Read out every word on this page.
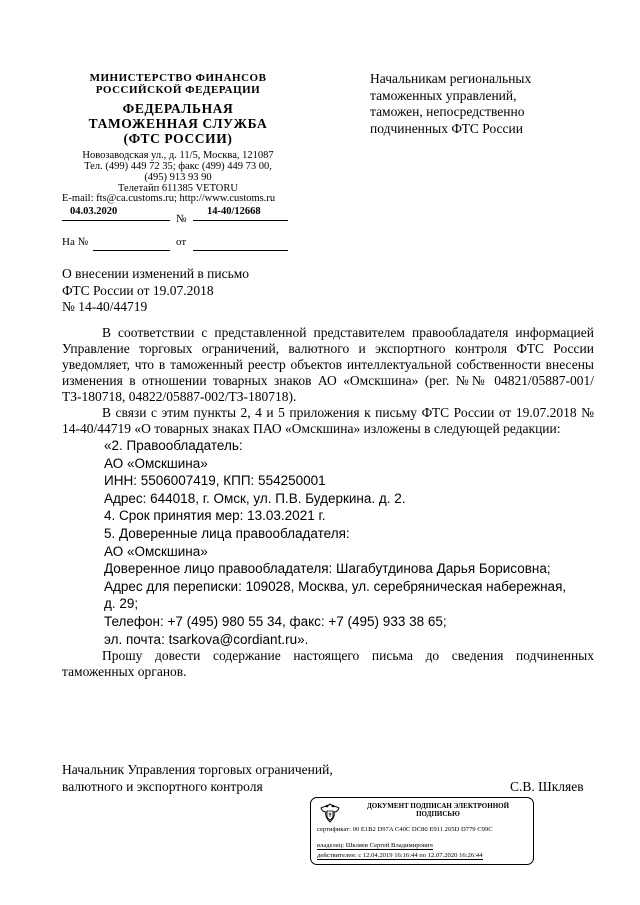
МИНИСТЕРСТВО ФИНАНСОВ
РОССИЙСКОЙ ФЕДЕРАЦИИ
ФЕДЕРАЛЬНАЯ
ТАМОЖЕННАЯ СЛУЖБА
(ФТС РОССИИ)
Новозаводская ул., д. 11/5, Москва, 121087
Тел. (499) 449 72 35; факс (499) 449 73 00,
(495) 913 93 90
Телетайп 611385 VETORU
E-mail: fts@ca.customs.ru; http://www.customs.ru
04.03.2020
№
14-40/12668
На №	от
Начальникам региональных
таможенных управлений,
таможен, непосредственно
подчиненных ФТС России
О внесении изменений в письмо
ФТС России от 19.07.2018
№ 14-40/44719

В соответствии с представленной представителем правообладателя информацией Управление торговых ограничений, валютного и экспортного контроля ФТС России уведомляет, что в таможенный реестр объектов интеллектуальной собственности внесены изменения в отношении товарных знаков АО «Омскшина» (рег. №№ 04821/05887-001/ТЗ-180718, 04822/05887-002/ТЗ-180718).

В связи с этим пункты 2, 4 и 5 приложения к письму ФТС России от 19.07.2018 № 14-40/44719 «О товарных знаках ПАО «Омскшина» изложены в следующей редакции:

«2. Правообладатель:
АО «Омскшина»
ИНН: 5506007419, КПП: 554250001
Адрес: 644018, г. Омск, ул. П.В. Будеркина. д. 2.
4. Срок принятия мер: 13.03.2021 г.
5. Доверенные лица правообладателя:
АО «Омскшина»
Доверенное лицо правообладателя: Шагабутдинова Дарья Борисовна;
Адрес для переписки: 109028, Москва, ул. серебряническая набережная,
д. 29;
Телефон: +7 (495) 980 55 34, факс: +7 (495) 933 38 65;
эл. почта: tsarkova@cordiant.ru».

Прошу довести содержание настоящего письма до сведения подчиненных таможенных органов.

Начальник Управления торговых ограничений,
валютного и экспортного контроля	С.В. Шкляев
ДОКУМЕНТ ПОДПИСАН ЭЛЕКТРОННОЙ ПОДПИСЬЮ
сертификат: 00 E1B2 D97A C40C DC80 E911 265D D779 C99C
владелец: Шкляев Сергей Владимирович
действителен: с 12.04.2019 16:16:44 по 12.07.2020 16:26:44
